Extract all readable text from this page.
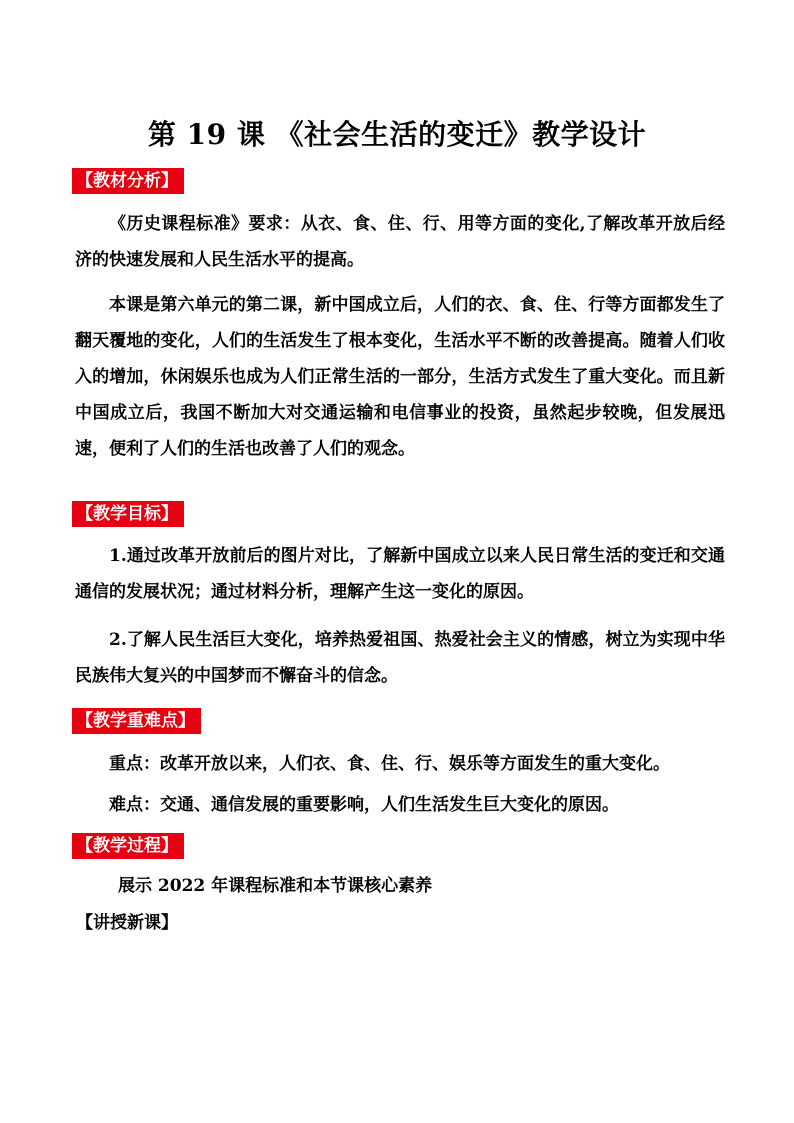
第 19 课 《社会生活的变迁》教学设计
【教材分析】

《历史课程标准》要求：从衣、食、住、行、用等方面的变化,了解改革开放后经济的快速发展和人民生活水平的提高。

本课是第六单元的第二课，新中国成立后，人们的衣、食、住、行等方面都发生了翻天覆地的变化，人们的生活发生了根本变化，生活水平不断的改善提高。随着人们收入的增加，休闲娱乐也成为人们正常生活的一部分，生活方式发生了重大变化。而且新中国成立后，我国不断加大对交通运输和电信事业的投资，虽然起步较晚，但发展迅速，便利了人们的生活也改善了人们的观念。

【教学目标】

1.通过改革开放前后的图片对比，了解新中国成立以来人民日常生活的变迁和交通通信的发展状况；通过材料分析，理解产生这一变化的原因。

2.了解人民生活巨大变化，培养热爱祖国、热爱社会主义的情感，树立为实现中华民族伟大复兴的中国梦而不懈奋斗的信念。

【教学重难点】
重点：改革开放以来，人们衣、食、住、行、娱乐等方面发生的重大变化。
难点：交通、通信发展的重要影响，人们生活发生巨大变化的原因。
【教学过程】
展示 2022 年课程标准和本节课核心素养
【讲授新课】
